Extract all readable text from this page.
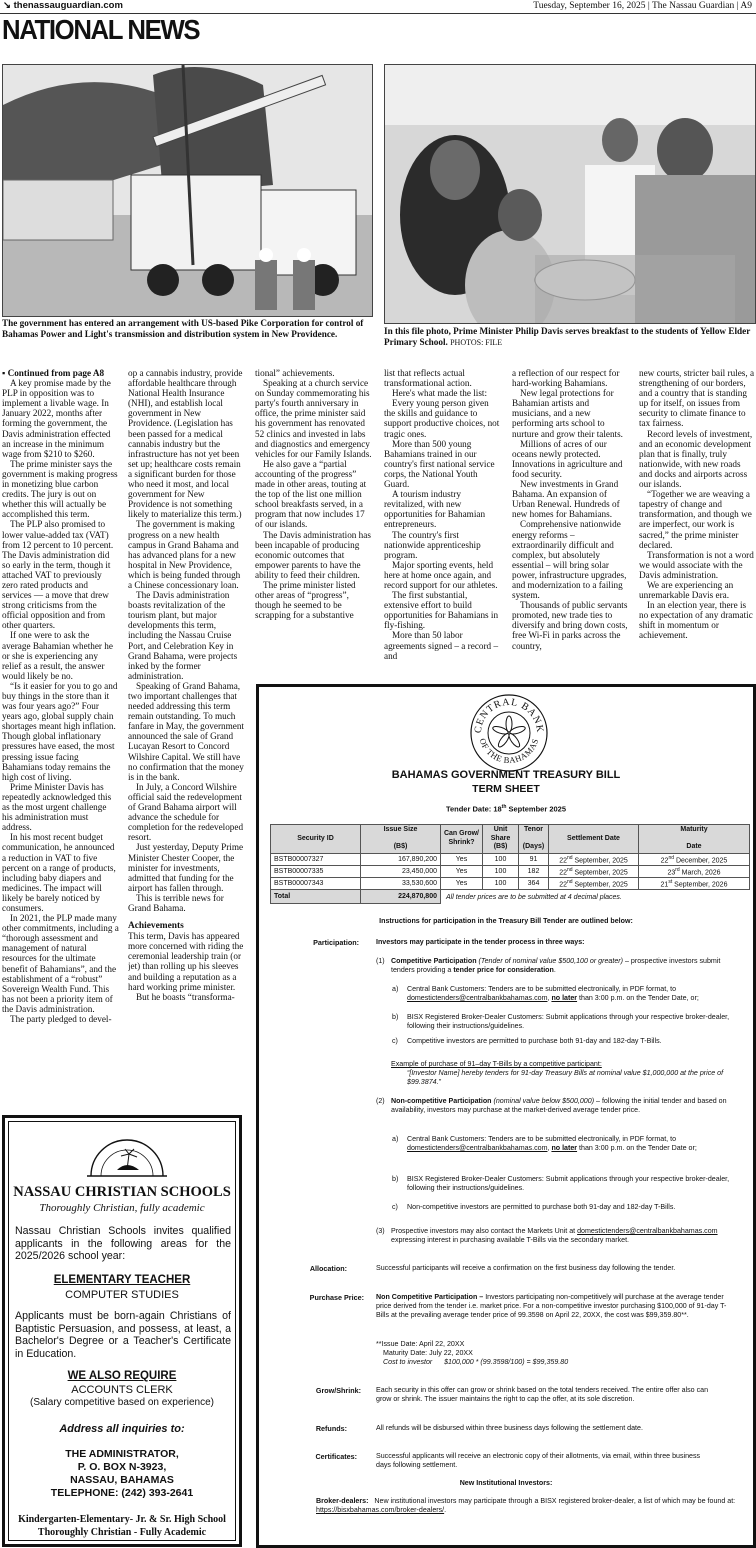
↘ thenassauguardian.com	Tuesday, September 16, 2025 | The Nassau Guardian | A9
NATIONAL NEWS
The government has entered an arrangement with US-based Pike Corporation for control of Bahamas Power and Light's transmission and distribution system in New Providence.	In this file photo, Prime Minister Philip Davis serves breakfast to the students of Yellow Elder Primary School. PHOTOS: FILE

▪ Continued from page A8

A key promise made by the PLP in opposition was to implement a livable wage. In January 2022, months after forming the government, the Davis administration effected an increase in the minimum wage from $210 to $260.

The prime minister says the government is making progress in monetizing blue carbon credits. The jury is out on whether this will actually be accomplished this term.

The PLP also promised to lower value-added tax (VAT) from 12 percent to 10 percent. The Davis administration did so early in the term, though it attached VAT to previously zero rated products and services — a move that drew strong criticisms from the official opposition and from other quarters.

If one were to ask the average Bahamian whether he or she is experiencing any relief as a result, the answer would likely be no.

“Is it easier for you to go and buy things in the store than it was four years ago?” Four years ago, global supply chain shortages meant high inflation. Though global inflationary pressures have eased, the most pressing issue facing Bahamians today remains the high cost of living.

Prime Minister Davis has repeatedly acknowledged this as the most urgent challenge his administration must address.

In his most recent budget communication, he announced a reduction in VAT to five percent on a range of products, including baby diapers and medicines. The impact will likely be barely noticed by consumers.

In 2021, the PLP made many other commitments, including a “thorough assessment and management of natural resources for the ultimate benefit of Bahamians”, and the establishment of a “robust” Sovereign Wealth Fund. This has not been a priority item of the Davis administration.

The party pledged to devel-

op a cannabis industry, provide affordable healthcare through National Health Insurance (NHI), and establish local government in New Providence. (Legislation has been passed for a medical cannabis industry but the infrastructure has not yet been set up; healthcare costs remain a significant burden for those who need it most, and local government for New Providence is not something likely to materialize this term.)

The government is making progress on a new health campus in Grand Bahama and has advanced plans for a new hospital in New Providence, which is being funded through a Chinese concessionary loan.

The Davis administration boasts revitalization of the tourism plant, but major developments this term, including the Nassau Cruise Port, and Celebration Key in Grand Bahama, were projects inked by the former administration.

Speaking of Grand Bahama, two important challenges that needed addressing this term remain outstanding. To much fanfare in May, the government announced the sale of Grand Lucayan Resort to Concord Wilshire Capital. We still have no confirmation that the money is in the bank.

In July, a Concord Wilshire official said the redevelopment of Grand Bahama airport will advance the schedule for completion for the redeveloped resort.

Just yesterday, Deputy Prime Minister Chester Cooper, the minister for investments, admitted that funding for the airport has fallen through.

This is terrible news for Grand Bahama.

Achievements

This term, Davis has appeared more concerned with riding the ceremonial leadership train (or jet) than rolling up his sleeves and building a reputation as a hard working prime minister.

But he boasts “transforma-

tional” achievements.

Speaking at a church service on Sunday commemorating his party's fourth anniversary in office, the prime minister said his government has renovated 52 clinics and invested in labs and diagnostics and emergency vehicles for our Family Islands.

He also gave a “partial accounting of the progress” made in other areas, touting at the top of the list one million school breakfasts served, in a program that now includes 17 of our islands.

The Davis administration has been incapable of producing economic outcomes that empower parents to have the ability to feed their children.

The prime minister listed other areas of “progress”, though he seemed to be scrapping for a substantive

list that reflects actual transformational action.

Here's what made the list:

Every young person given the skills and guidance to support productive choices, not tragic ones.

More than 500 young Bahamians trained in our country's first national service corps, the National Youth Guard.

A tourism industry revitalized, with new opportunities for Bahamian entrepreneurs.

The country's first nationwide apprenticeship program.

Major sporting events, held here at home once again, and record support for our athletes.

The first substantial, extensive effort to build opportunities for Bahamians in fly-fishing.

More than 50 labor agreements signed – a record – and

a reflection of our respect for hard-working Bahamians.

New legal protections for Bahamian artists and musicians, and a new performing arts school to nurture and grow their talents.

Millions of acres of our oceans newly protected. Innovations in agriculture and food security.

New investments in Grand Bahama. An expansion of Urban Renewal. Hundreds of new homes for Bahamians.

Comprehensive nationwide energy reforms – extraordinarily difficult and complex, but absolutely essential – will bring solar power, infrastructure upgrades, and modernization to a failing system.

Thousands of public servants promoted, new trade ties to diversify and bring down costs, free Wi-Fi in parks across the country,

new courts, stricter bail rules, a strengthening of our borders, and a country that is standing up for itself, on issues from security to climate finance to tax fairness.

Record levels of investment, and an economic development plan that is finally, truly nationwide, with new roads and docks and airports across our islands.

“Together we are weaving a tapestry of change and transformation, and though we are imperfect, our work is sacred,” the prime minister declared.

Transformation is not a word we would associate with the Davis administration.

We are experiencing an unremarkable Davis era.

In an election year, there is no expectation of any dramatic shift in momentum or achievement.

CENTRAL BANK
OF THE BAHAMAS
BAHAMAS GOVERNMENT TREASURY BILL
TERM SHEET
Tender Date: 18th September 2025
Security ID	Issue Size

(B$)	Can Grow/ Shrink?	Unit Share
(B$)	Tenor

(Days)	Settlement Date	Maturity

Date
BSTB00007327	167,890,200	Yes	100	91	22nd September, 2025	22nd December, 2025
BSTB00007335	23,450,000	Yes	100	182	22nd September, 2025	23rd March, 2026
BSTB00007343	33,530,600	Yes	100	364	22nd September, 2025	21st September, 2026
Total	224,870,800	All tender prices are to be submitted at 4 decimal places.				
Instructions for participation in the Treasury Bill Tender are outlined below:
Participation: Investors may participate in the tender process in three ways:
(1) Competitive Participation (Tender of nominal value $500,100 or greater) – prospective investors submit tenders providing a tender price for consideration.
a) Central Bank Customers: Tenders are to be submitted electronically, in PDF format, to domestictenders@centralbankbahamas.com, no later than 3:00 p.m. on the Tender Date, or;
b) BISX Registered Broker-Dealer Customers: Submit applications through your respective broker-dealer, following their instructions/guidelines.
c) Competitive investors are permitted to purchase both 91-day and 182-day T-Bills.
Example of purchase of 91–day T-Bills by a competitive participant:
“[Investor Name] hereby tenders for 91-day Treasury Bills at nominal value $1,000,000 at the price of $99.3874.”
(2) Non-competitive Participation (nominal value below $500,000) – following the initial tender and based on availability, investors may purchase at the market-derived average tender price.
a) Central Bank Customers: Tenders are to be submitted electronically, in PDF format, to domestictenders@centralbankbahamas.com, no later than 3:00 p.m. on the Tender Date or;
b) BISX Registered Broker-Dealer Customers: Submit applications through your respective broker-dealer, following their instructions/guidelines.
c) Non-competitive investors are permitted to purchase both 91-day and 182-day T-Bills.
(3) Prospective investors may also contact the Markets Unit at domestictenders@centralbankbahamas.com expressing interest in purchasing available T-Bills via the secondary market.
Allocation:	Successful participants will receive a confirmation on the first business day following the tender.
Purchase Price: Non Competitive Participation – Investors participating non-competitively will purchase at the average tender price derived from the tender i.e. market price. For a non-competitive investor purchasing $100,000 of 91-day T-Bills at the prevailing average tender price of 99.3598 on April 22, 20XX, the cost was $99,359.80**.
**Issue Date: April 22, 20XX
Maturity Date: July 22, 20XX
Cost to investor      $100,000 * (99.3598/100) = $99,359.80
Grow/Shrink: Each security in this offer can grow or shrink based on the total tenders received. The entire offer also can grow or shrink. The issuer maintains the right to cap the offer, at its sole discretion.
Refunds:	All refunds will be disbursed within three business days following the settlement date.
Certificates:	Successful applicants will receive an electronic copy of their allotments, via email, within three business days following settlement.
New Institutional Investors:
Broker-dealers: New institutional investors may participate through a BISX registered broker-dealer, a list of which may be found at: https://bisxbahamas.com/broker-dealers/.
NASSAU CHRISTIAN SCHOOLS
Thoroughly Christian, fully academic
Nassau Christian Schools invites qualified applicants in the following areas for the 2025/2026 school year:
ELEMENTARY TEACHER
COMPUTER STUDIES
Applicants must be born-again Christians of Baptistic Persuasion, and possess, at least, a Bachelor's Degree or a Teacher's Certificate in Education.
WE ALSO REQUIRE
ACCOUNTS CLERK
(Salary competitive based on experience)
Address all inquiries to:
THE ADMINISTRATOR,
P. O. BOX N-3923,
NASSAU, BAHAMAS
TELEPHONE: (242) 393-2641
Kindergarten-Elementary- Jr. & Sr. High School
Thoroughly Christian - Fully Academic
